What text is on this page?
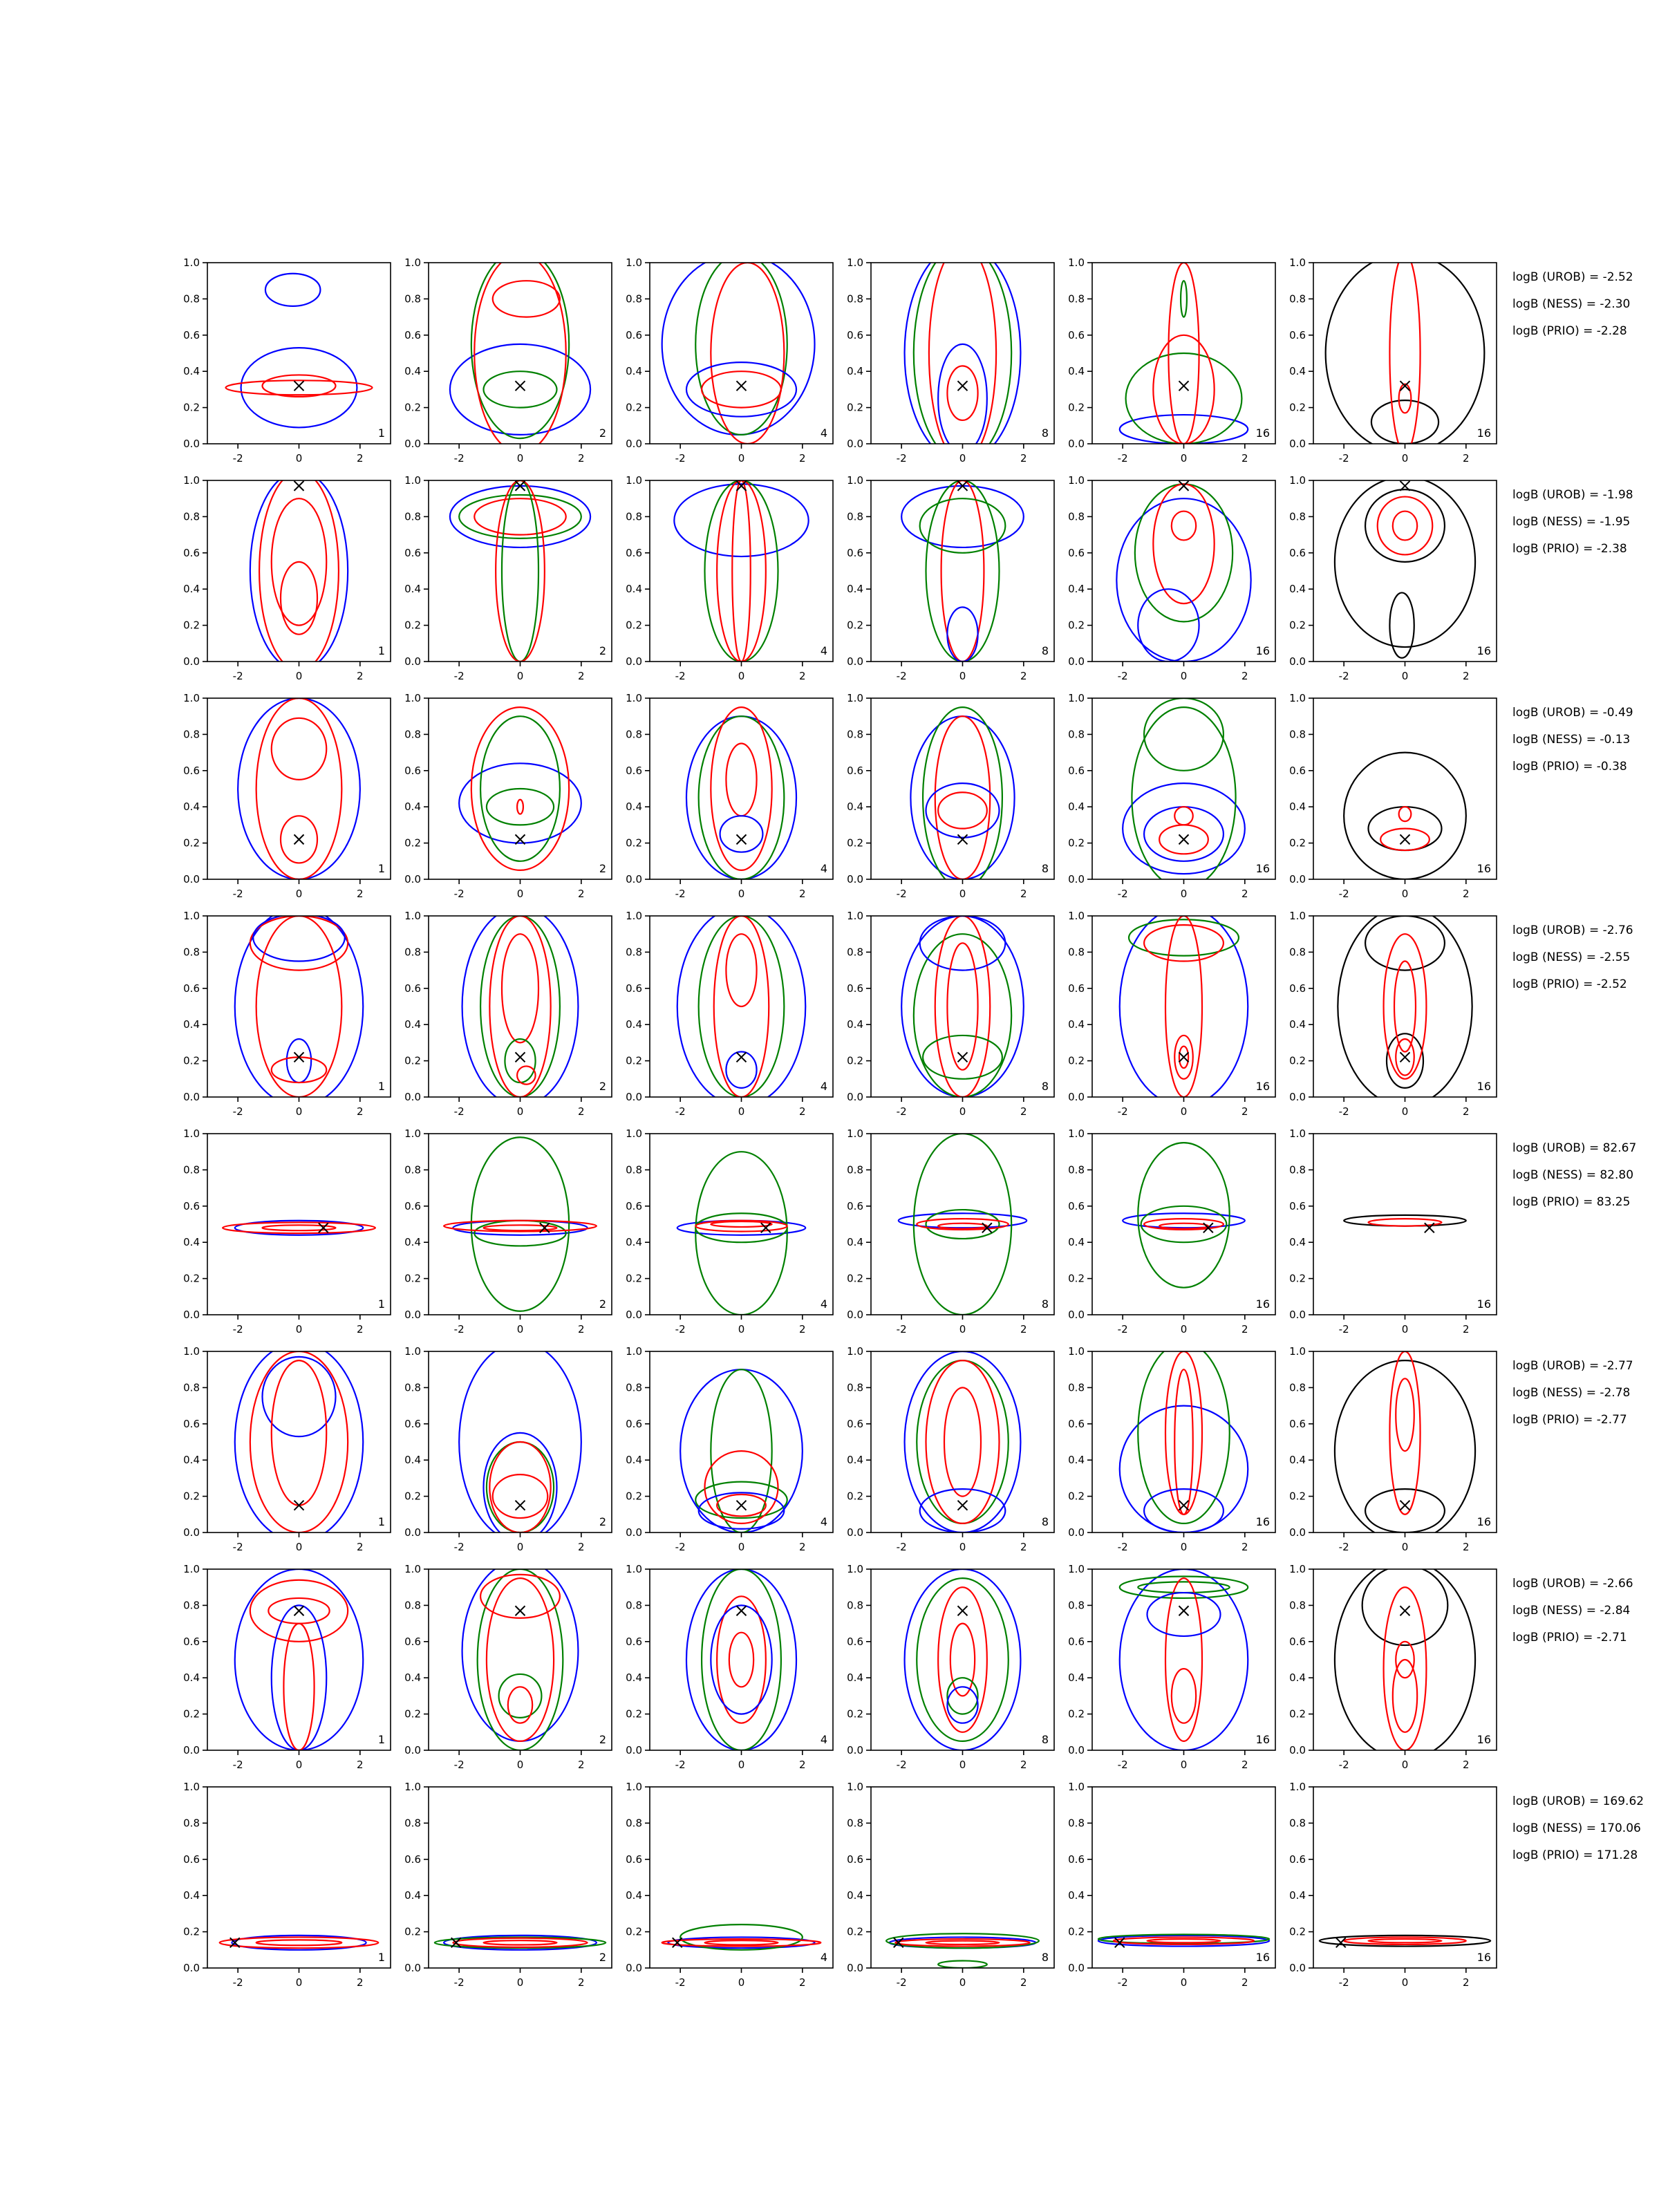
-2	0	2
0.0
0.2
0.4
0.6
0.8
1.0
1
-2	0	2
0.0
0.2
0.4
0.6
0.8
1.0
2
-2	0	2
0.0
0.2
0.4
0.6
0.8
1.0
4
-2	0	2
0.0
0.2
0.4
0.6
0.8
1.0
8
-2	0	2
0.0
0.2
0.4
0.6
0.8
1.0
16
-2	0	2
0.0
0.2
0.4
0.6
0.8
1.0
16
-2	0	2
0.0
0.2
0.4
0.6
0.8
1.0
1
-2	0	2
0.0
0.2
0.4
0.6
0.8
1.0
2
-2	0	2
0.0
0.2
0.4
0.6
0.8
1.0
4
-2	0	2
0.0
0.2
0.4
0.6
0.8
1.0
8
-2	0	2
0.0
0.2
0.4
0.6
0.8
1.0
16
-2	0	2
0.0
0.2
0.4
0.6
0.8
1.0
16
-2	0	2
0.0
0.2
0.4
0.6
0.8
1.0
1
-2	0	2
0.0
0.2
0.4
0.6
0.8
1.0
2
-2	0	2
0.0
0.2
0.4
0.6
0.8
1.0
4
-2	0	2
0.0
0.2
0.4
0.6
0.8
1.0
8
-2	0	2
0.0
0.2
0.4
0.6
0.8
1.0
16
-2	0	2
0.0
0.2
0.4
0.6
0.8
1.0
16
-2	0	2
0.0
0.2
0.4
0.6
0.8
1.0
1
-2	0	2
0.0
0.2
0.4
0.6
0.8
1.0
2
-2	0	2
0.0
0.2
0.4
0.6
0.8
1.0
4
-2	0	2
0.0
0.2
0.4
0.6
0.8
1.0
8
-2	0	2
0.0
0.2
0.4
0.6
0.8
1.0
16
-2	0	2
0.0
0.2
0.4
0.6
0.8
1.0
16
-2	0	2
0.0
0.2
0.4
0.6
0.8
1.0
1
-2	0	2
0.0
0.2
0.4
0.6
0.8
1.0
2
-2	0	2
0.0
0.2
0.4
0.6
0.8
1.0
4
-2	0	2
0.0
0.2
0.4
0.6
0.8
1.0
8
-2	0	2
0.0
0.2
0.4
0.6
0.8
1.0
16
-2	0	2
0.0
0.2
0.4
0.6
0.8
1.0
16
-2	0	2
0.0
0.2
0.4
0.6
0.8
1.0
1
-2	0	2
0.0
0.2
0.4
0.6
0.8
1.0
2
-2	0	2
0.0
0.2
0.4
0.6
0.8
1.0
4
-2	0	2
0.0
0.2
0.4
0.6
0.8
1.0
8
-2	0	2
0.0
0.2
0.4
0.6
0.8
1.0
16
-2	0	2
0.0
0.2
0.4
0.6
0.8
1.0
16
-2	0	2
0.0
0.2
0.4
0.6
0.8
1.0
1
-2	0	2
0.0
0.2
0.4
0.6
0.8
1.0
2
-2	0	2
0.0
0.2
0.4
0.6
0.8
1.0
4
-2	0	2
0.0
0.2
0.4
0.6
0.8
1.0
8
-2	0	2
0.0
0.2
0.4
0.6
0.8
1.0
16
-2	0	2
0.0
0.2
0.4
0.6
0.8
1.0
16
-2	0	2
0.0
0.2
0.4
0.6
0.8
1.0
1
-2	0	2
0.0
0.2
0.4
0.6
0.8
1.0
2
-2	0	2
0.0
0.2
0.4
0.6
0.8
1.0
4
-2	0	2
0.0
0.2
0.4
0.6
0.8
1.0
8
-2	0	2
0.0
0.2
0.4
0.6
0.8
1.0
16
-2	0	2
0.0
0.2
0.4
0.6
0.8
1.0
16
logB (UROB) = -2.52
logB (NESS) = -2.30
logB (PRIO) = -2.28
logB (UROB) = -1.98
logB (NESS) = -1.95
logB (PRIO) = -2.38
logB (UROB) = -0.49
logB (NESS) = -0.13
logB (PRIO) = -0.38
logB (UROB) = -2.76
logB (NESS) = -2.55
logB (PRIO) = -2.52
logB (UROB) = 82.67
logB (NESS) = 82.80
logB (PRIO) = 83.25
logB (UROB) = -2.77
logB (NESS) = -2.78
logB (PRIO) = -2.77
logB (UROB) = -2.66
logB (NESS) = -2.84
logB (PRIO) = -2.71
logB (UROB) = 169.62
logB (NESS) = 170.06
logB (PRIO) = 171.28
